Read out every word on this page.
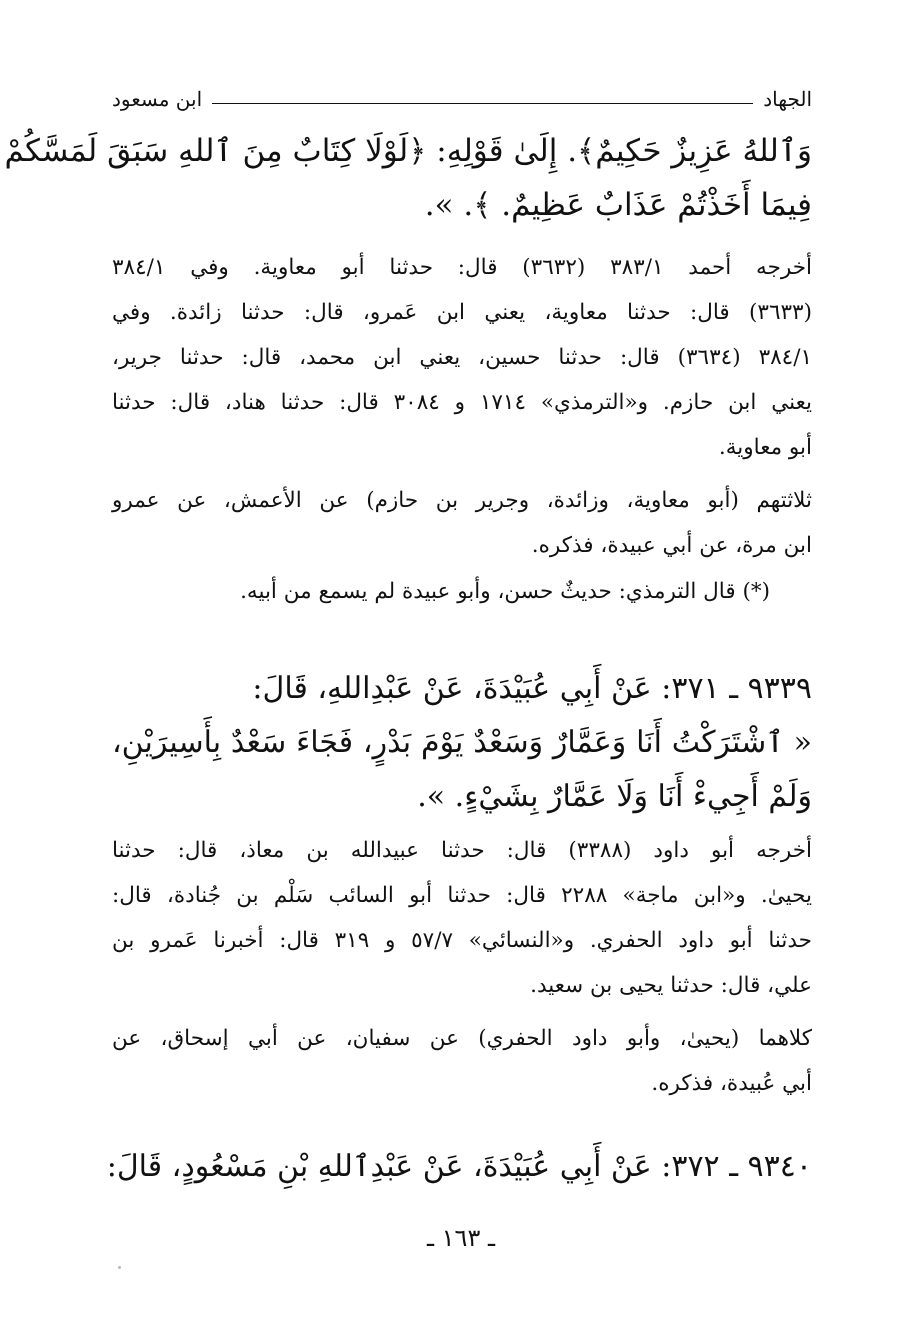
الجهاد
ابن مسعود
وَٱللهُ عَزِيزٌ حَكِيمٌ﴾. إِلَىٰ قَوْلِهِ: ﴿لَوْلَا كِتَابٌ مِنَ ٱللهِ سَبَقَ لَمَسَّكُمْ
فِيمَا أَخَذْتُمْ عَذَابٌ عَظِيمٌ. ﴾. ».
أخرجه أحمد ٣٨٣/١ (٣٦٣٢) قال: حدثنا أبو معاوية. وفي ٣٨٤/١
(٣٦٣٣) قال: حدثنا معاوية، يعني ابن عَمرو، قال: حدثنا زائدة. وفي
٣٨٤/١ (٣٦٣٤) قال: حدثنا حسين، يعني ابن محمد، قال: حدثنا جرير،
يعني ابن حازم. و«الترمذي» ١٧١٤ و ٣٠٨٤ قال: حدثنا هناد، قال: حدثنا
أبو معاوية.
ثلاثتهم (أبو معاوية، وزائدة، وجرير بن حازم) عن الأعمش، عن عمرو
ابن مرة، عن أبي عبيدة، فذكره.
(*) قال الترمذي: حديثٌ حسن، وأبو عبيدة لم يسمع من أبيه.
٩٣٣٩ ـ ٣٧١: عَنْ أَبِي عُبَيْدَةَ، عَنْ عَبْدِاللهِ، قَالَ:
« ٱشْتَرَكْتُ أَنَا وَعَمَّارٌ وَسَعْدٌ يَوْمَ بَدْرٍ، فَجَاءَ سَعْدٌ بِأَسِيرَيْنِ،
وَلَمْ أَجِيءْ أَنَا وَلَا عَمَّارٌ بِشَيْءٍ. ».
أخرجه أبو داود (٣٣٨٨) قال: حدثنا عبيدالله بن معاذ، قال: حدثنا
يحيىٰ. و«ابن ماجة» ٢٢٨٨ قال: حدثنا أبو السائب سَلْم بن جُنادة، قال:
حدثنا أبو داود الحفري. و«النسائي» ٥٧/٧ و ٣١٩ قال: أخبرنا عَمرو بن
علي، قال: حدثنا يحيى بن سعيد.
كلاهما (يحيىٰ، وأبو داود الحفري) عن سفيان، عن أبي إسحاق، عن
أبي عُبيدة، فذكره.
٩٣٤٠ ـ ٣٧٢: عَنْ أَبِي عُبَيْدَةَ، عَنْ عَبْدِٱللهِ بْنِ مَسْعُودٍ، قَالَ:
ـ ١٦٣ ـ
